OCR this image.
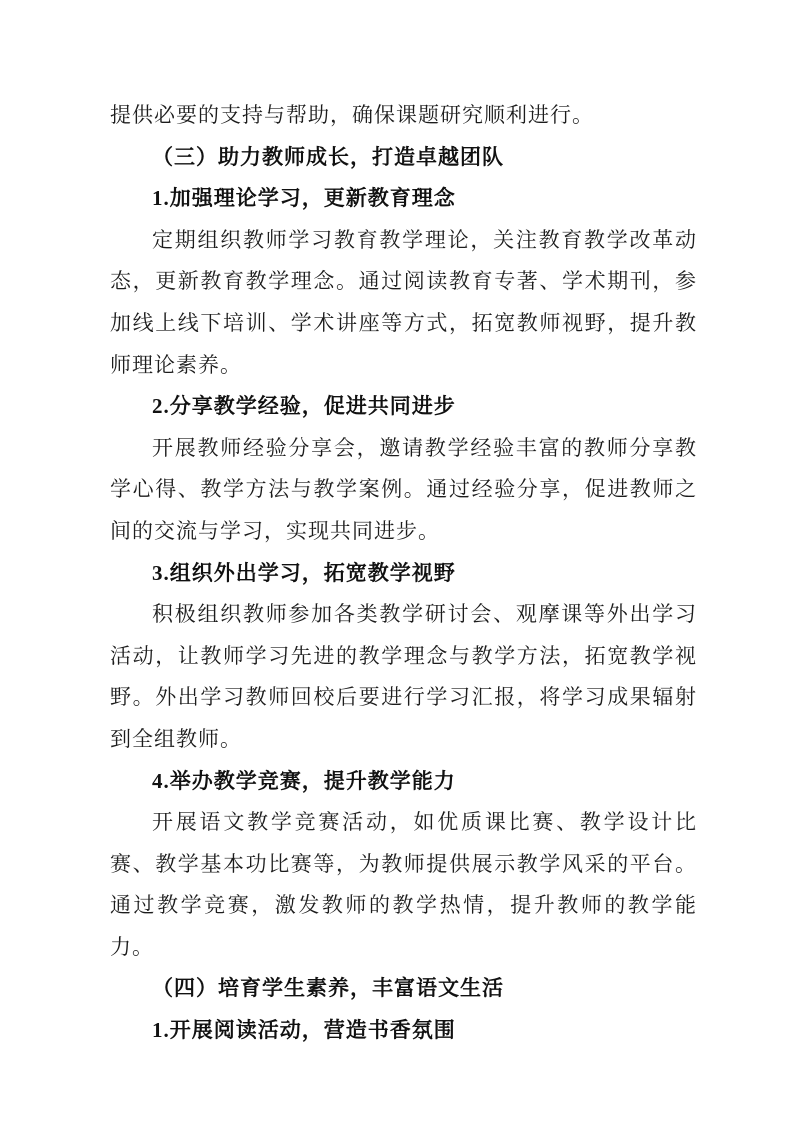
提供必要的支持与帮助，确保课题研究顺利进行。

（三）助力教师成长，打造卓越团队

1.加强理论学习，更新教育理念

定期组织教师学习教育教学理论，关注教育教学改革动态，更新教育教学理念。通过阅读教育专著、学术期刊，参加线上线下培训、学术讲座等方式，拓宽教师视野，提升教师理论素养。

2.分享教学经验，促进共同进步

开展教师经验分享会，邀请教学经验丰富的教师分享教学心得、教学方法与教学案例。通过经验分享，促进教师之间的交流与学习，实现共同进步。

3.组织外出学习，拓宽教学视野

积极组织教师参加各类教学研讨会、观摩课等外出学习活动，让教师学习先进的教学理念与教学方法，拓宽教学视野。外出学习教师回校后要进行学习汇报，将学习成果辐射到全组教师。

4.举办教学竞赛，提升教学能力

开展语文教学竞赛活动，如优质课比赛、教学设计比赛、教学基本功比赛等，为教师提供展示教学风采的平台。通过教学竞赛，激发教师的教学热情，提升教师的教学能力。

（四）培育学生素养，丰富语文生活

1.开展阅读活动，营造书香氛围
